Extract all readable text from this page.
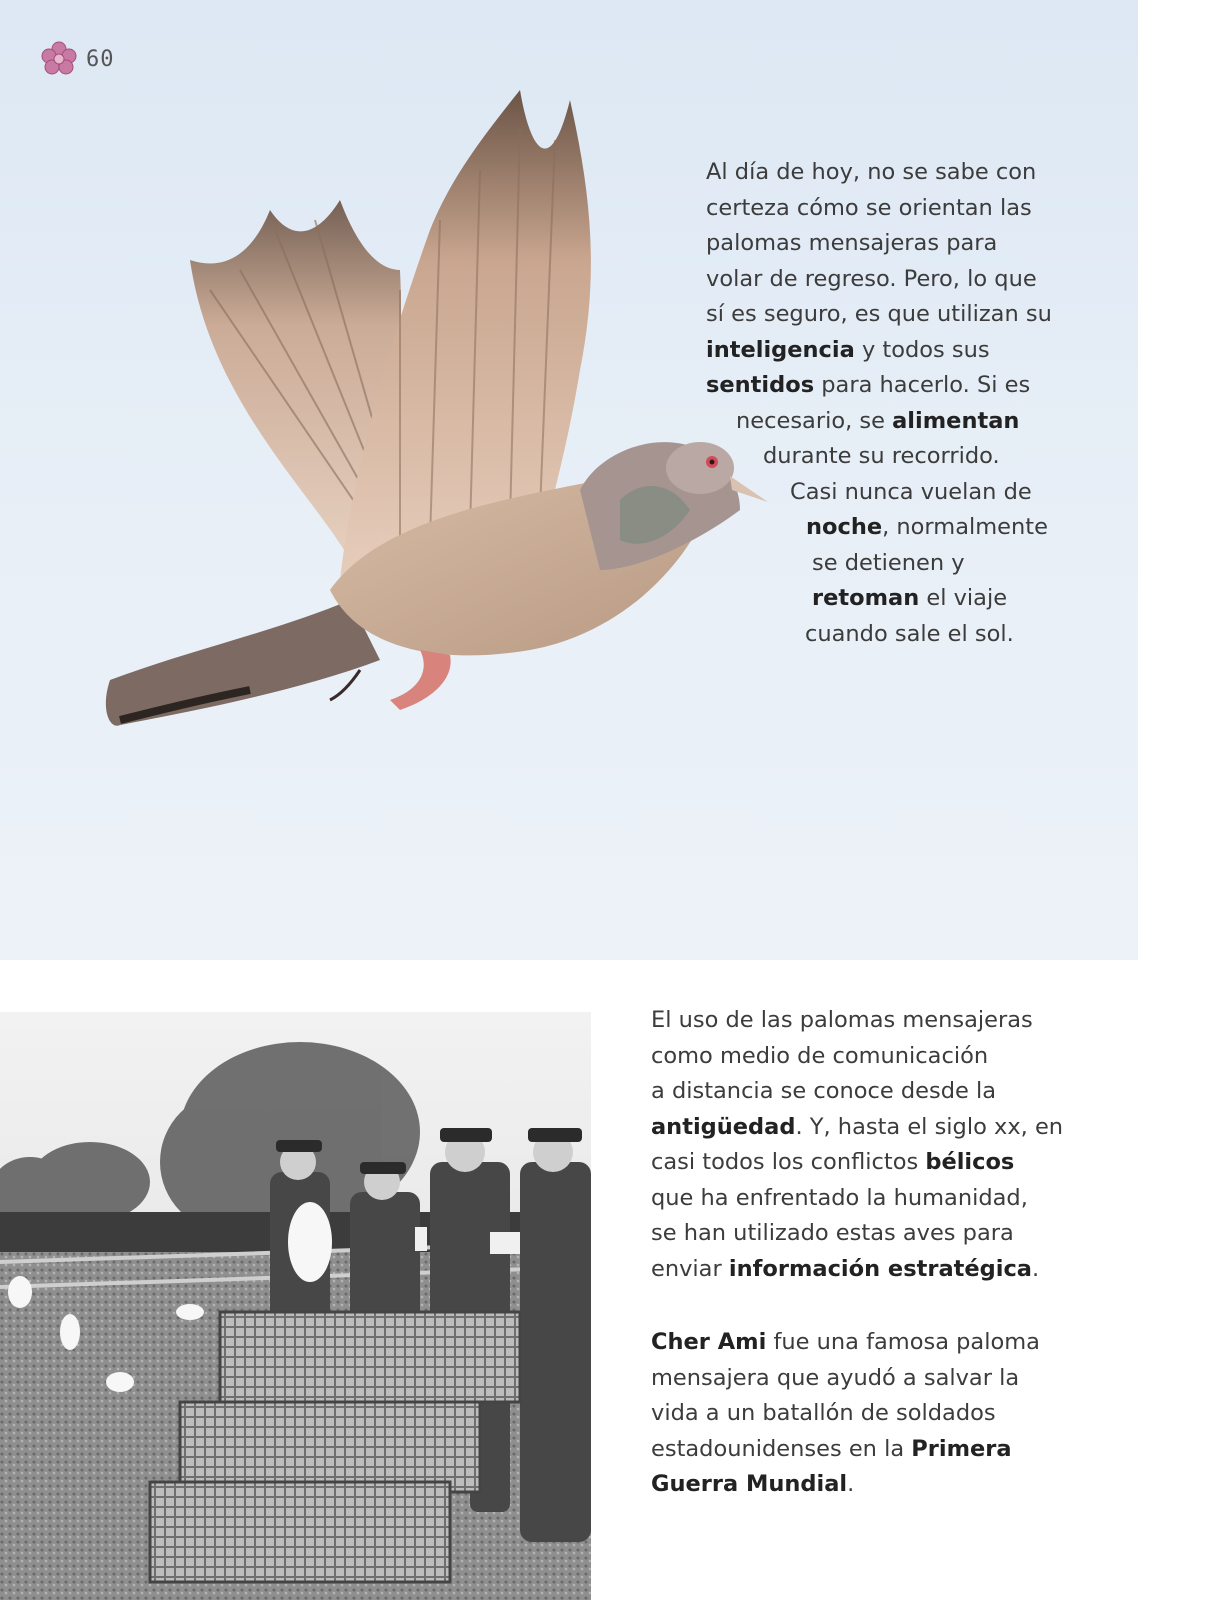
60
Al día de hoy, no se sabe con
certeza cómo se orientan las
palomas mensajeras para
volar de regreso. Pero, lo que
sí es seguro, es que utilizan su
inteligencia y todos sus
sentidos para hacerlo. Si es
necesario, se alimentan
durante su recorrido.
Casi nunca vuelan de
noche, normalmente
se detienen y
retoman el viaje
cuando sale el sol.
El uso de las palomas mensajeras
como medio de comunicación
a distancia se conoce desde la
antigüedad. Y, hasta el siglo xx, en
casi todos los conflictos bélicos
que ha enfrentado la humanidad,
se han utilizado estas aves para
enviar información estratégica.
Cher Ami fue una famosa paloma
mensajera que ayudó a salvar la
vida a un batallón de soldados
estadounidenses en la Primera
Guerra Mundial.
